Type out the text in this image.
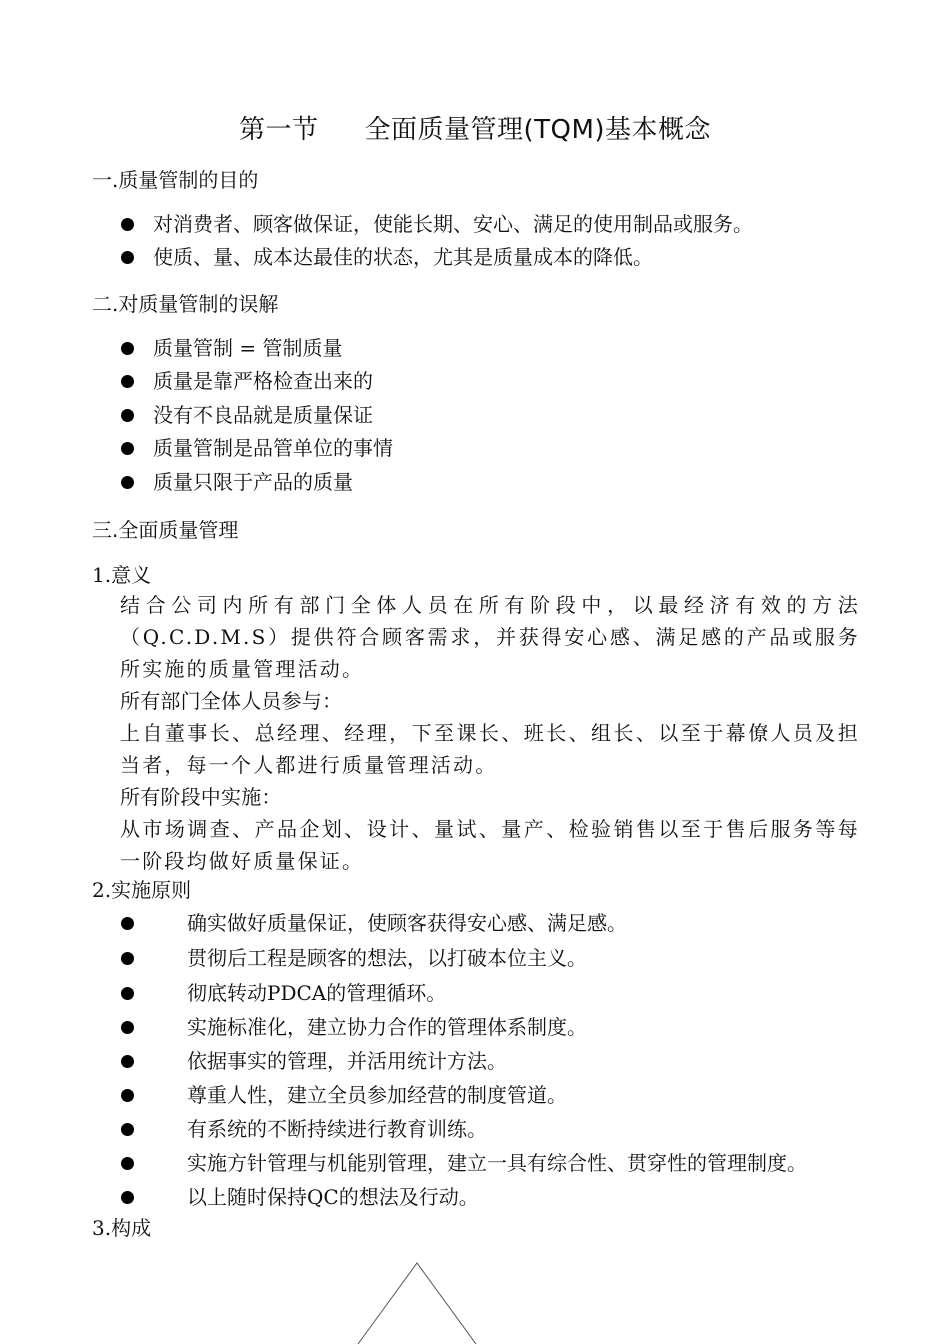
第一节 全面质量管理(TQM)基本概念
一.质量管制的目的
对消费者、顾客做保证，使能长期、安心、满足的使用制品或服务。
使质、量、成本达最佳的状态，尤其是质量成本的降低。
二.对质量管制的误解
质量管制 = 管制质量
质量是靠严格检查出来的
没有不良品就是质量保证
质量管制是品管单位的事情
质量只限于产品的质量
三.全面质量管理
1.意义
结合公司内所有部门全体人员在所有阶段中，以最经济有效的方法（Q.C.D.M.S）提供符合顾客需求，并获得安心感、满足感的产品或服务所实施的质量管理活动。
所有部门全体人员参与：
上自董事长、总经理、经理，下至课长、班长、组长、以至于幕僚人员及担当者，每一个人都进行质量管理活动。
所有阶段中实施：
从市场调查、产品企划、设计、量试、量产、检验销售以至于售后服务等每一阶段均做好质量保证。
2.实施原则
确实做好质量保证，使顾客获得安心感、满足感。
贯彻后工程是顾客的想法，以打破本位主义。
彻底转动PDCA的管理循环。
实施标准化，建立协力合作的管理体系制度。
依据事实的管理，并活用统计方法。
尊重人性，建立全员参加经营的制度管道。
有系统的不断持续进行教育训练。
实施方针管理与机能别管理，建立一具有综合性、贯穿性的管理制度。
以上随时保持QC的想法及行动。
3.构成
